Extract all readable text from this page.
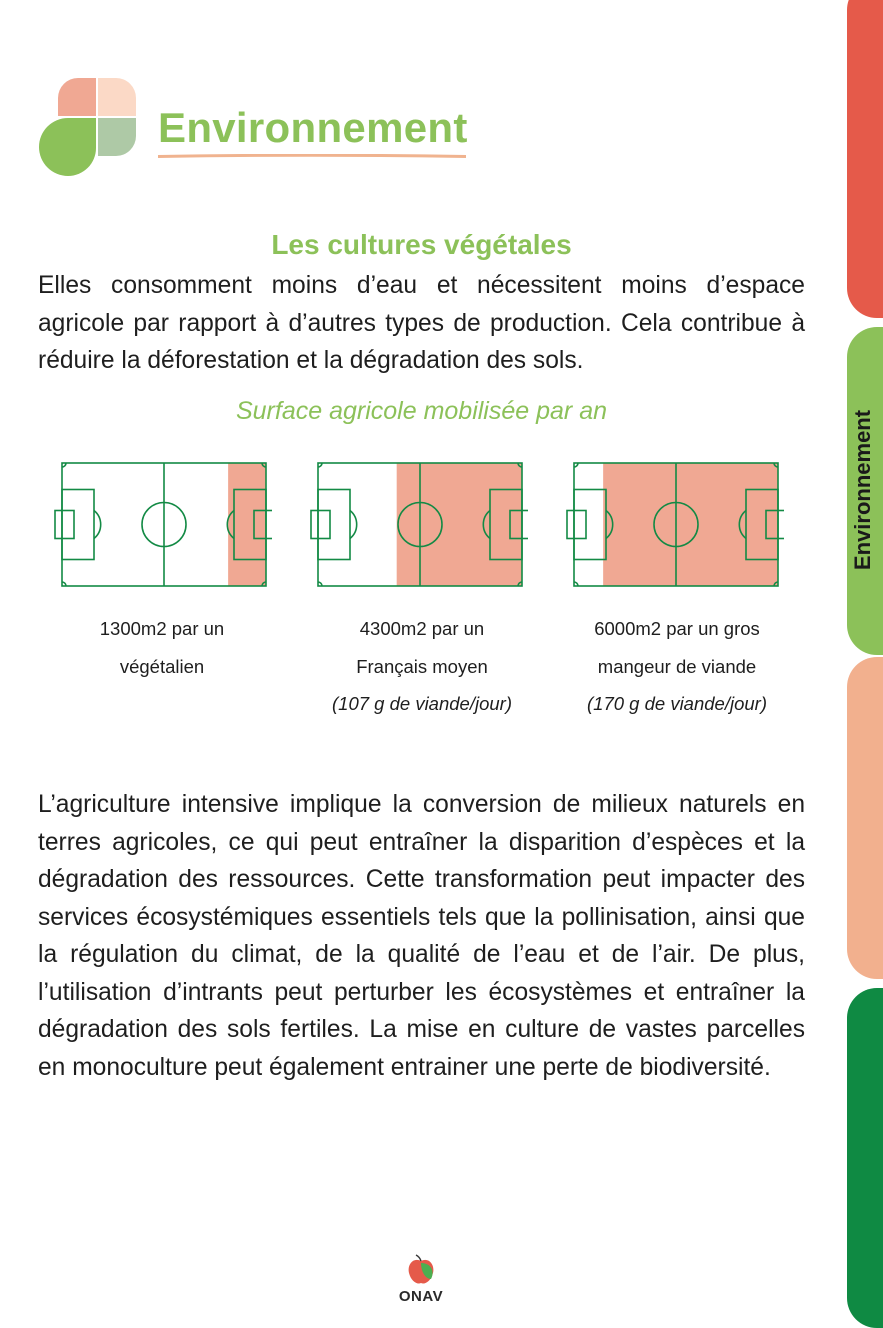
Environnement
Environnement
Les cultures végétales

Elles consomment moins d’eau et nécessitent moins d’espace agricole par rapport à d’autres types de production. Cela contribue à réduire la déforestation et la dégradation des sols.

Surface agricole mobilisée par an

1300m2 par un
végétalien
4300m2 par un
Français moyen
(107 g de viande/jour)
6000m2 par un gros
mangeur de viande
(170 g de viande/jour)

L’agriculture intensive implique la conversion de milieux naturels en terres agricoles, ce qui peut entraîner la disparition d’espèces et la dégradation des ressources. Cette transformation peut impacter des services écosystémiques essentiels tels que la pollinisation, ainsi que la régulation du climat, de la qualité de l’eau et de l’air. De plus, l’utilisation d’intrants peut perturber les écosystèmes et entraîner la dégradation des sols fertiles. La mise en culture de vastes parcelles en monoculture peut également entrainer une perte de biodiversité.

ONAV
